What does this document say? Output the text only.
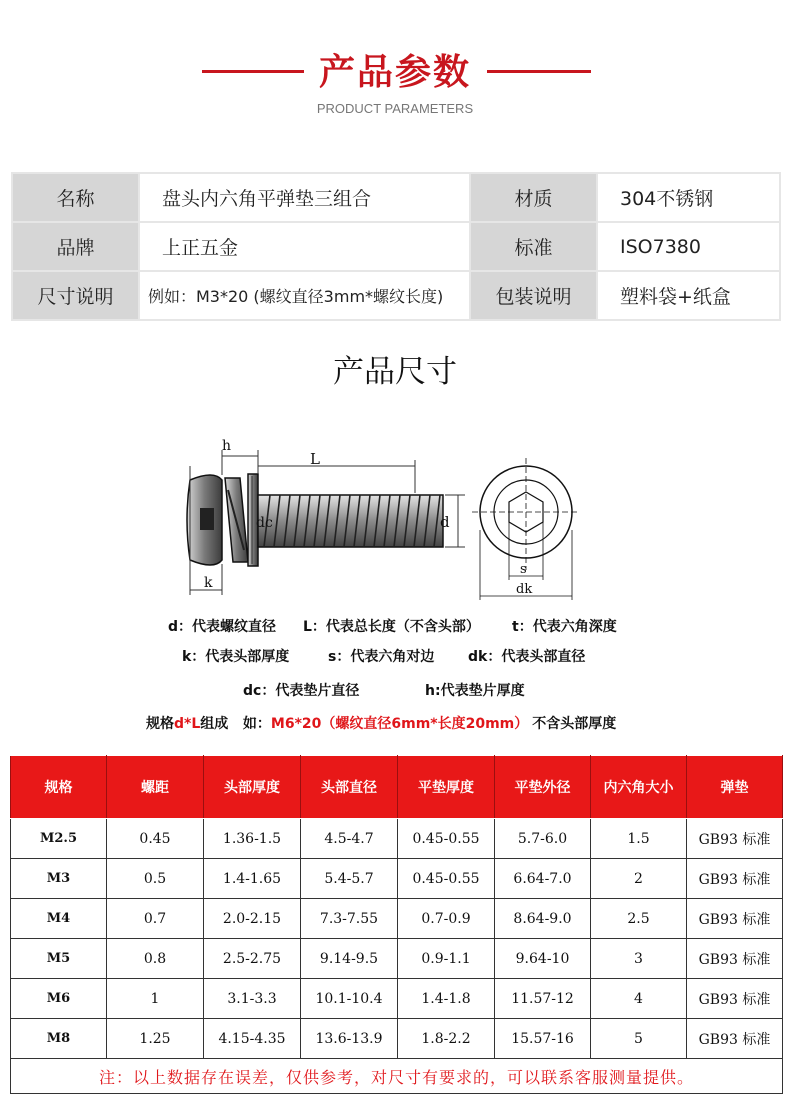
产品参数
PRODUCT PARAMETERS
名称	盘头内六角平弹垫三组合	材质	304不锈钢
品牌	上正五金	标准	ISO7380
尺寸说明	例如：M3*20 (螺纹直径3mm*螺纹长度)	包装说明	塑料袋+纸盒
产品尺寸
h
L
dc	d
k
s
dk
d：代表螺纹直径 L：代表总长度（不含头部） t：代表六角深度
k：代表头部厚度	s：代表六角对边 dk：代表头部直径
dc：代表垫片直径	h:代表垫片厚度
规格d*L组成   如：M6*20（螺纹直径6mm*长度20mm） 不含头部厚度
规格	螺距	头部厚度	头部直径	平垫厚度	平垫外径	内六角大小	弹垫
M2.5	0.45	1.36-1.5	4.5-4.7	0.45-0.55	5.7-6.0	1.5	GB93 标准
M3	0.5	1.4-1.65	5.4-5.7	0.45-0.55	6.64-7.0	2	GB93 标准
M4	0.7	2.0-2.15	7.3-7.55	0.7-0.9	8.64-9.0	2.5	GB93 标准
M5	0.8	2.5-2.75	9.14-9.5	0.9-1.1	9.64-10	3	GB93 标准
M6	1	3.1-3.3	10.1-10.4	1.4-1.8	11.57-12	4	GB93 标准
M8	1.25	4.15-4.35	13.6-13.9	1.8-2.2	15.57-16	5	GB93 标准
注：以上数据存在误差，仅供参考，对尺寸有要求的，可以联系客服测量提供。							
